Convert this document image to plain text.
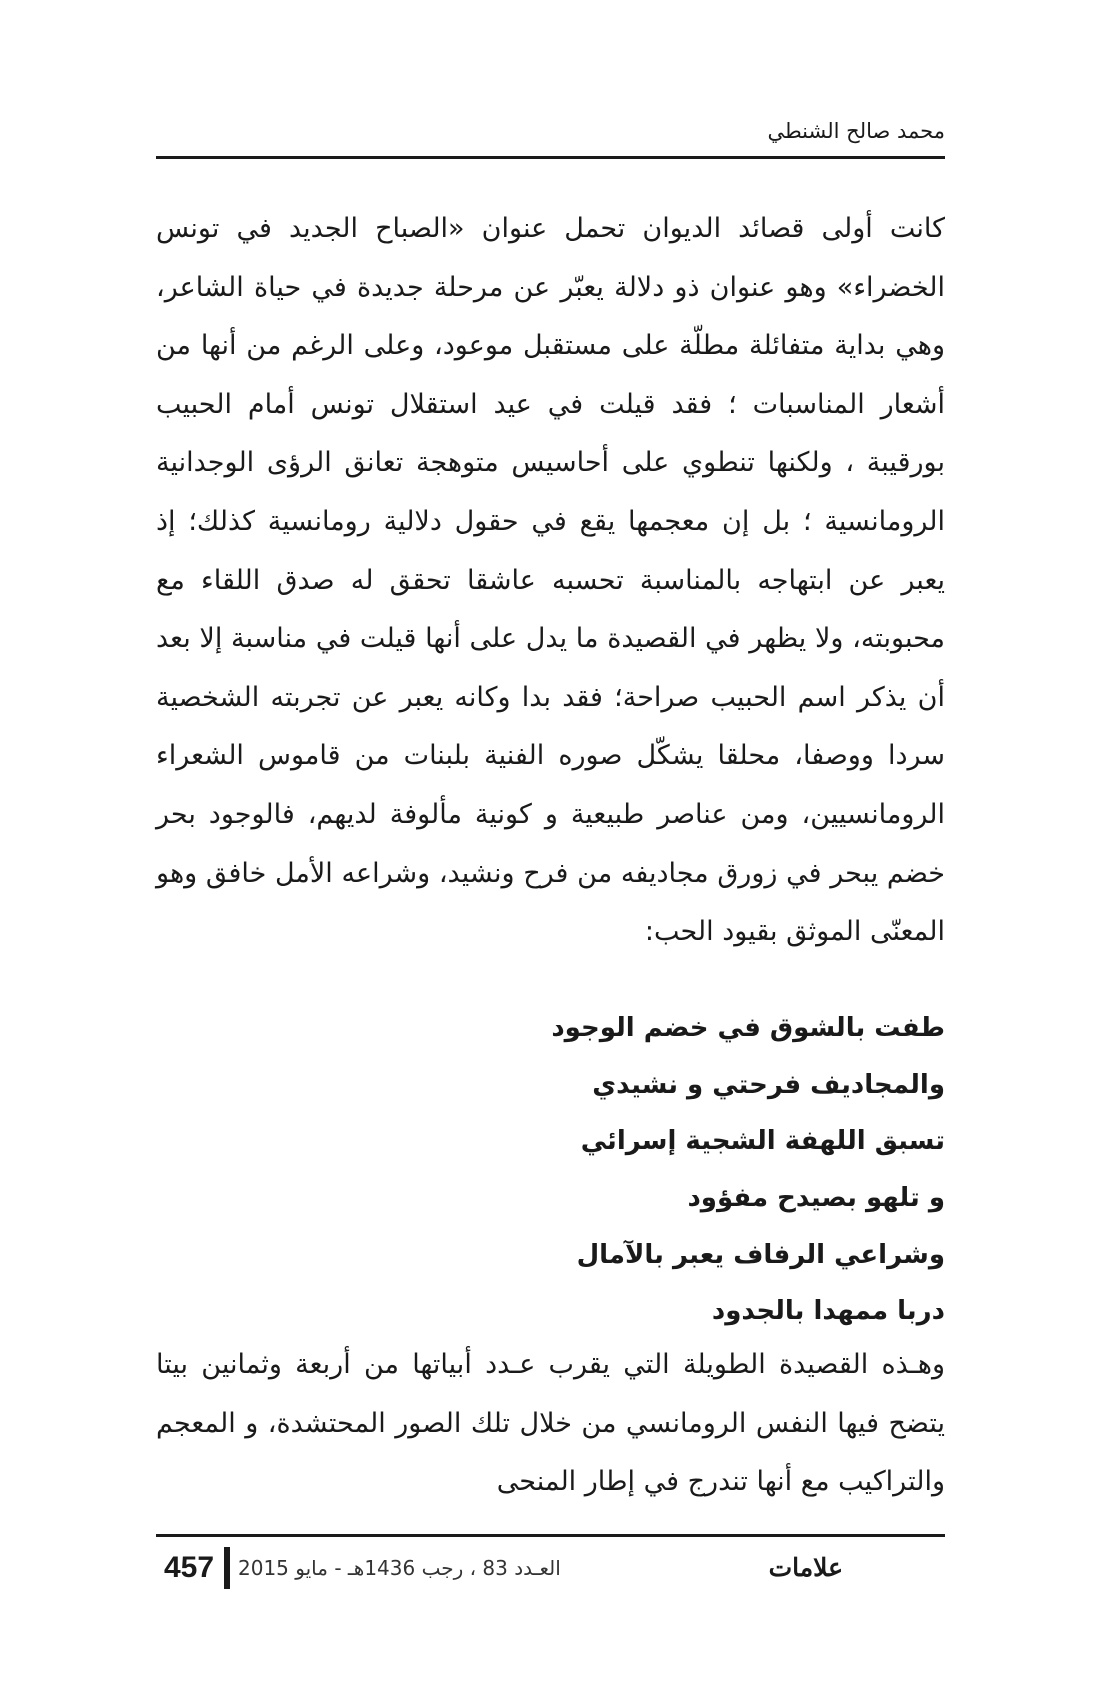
محمد صالح الشنطي

كانت أولى قصائد الديوان تحمل عنوان «الصباح الجديد في تونس الخضراء» وهو عنوان ذو دلالة يعبّر عن مرحلة جديدة في حياة الشاعر، وهي بداية متفائلة مطلّة على مستقبل موعود، وعلى الرغم من أنها من أشعار المناسبات ؛ فقد قيلت في عيد استقلال تونس أمام الحبيب بورقيبة ، ولكنها تنطوي على أحاسيس متوهجة تعانق الرؤى الوجدانية الرومانسية ؛ بل إن معجمها يقع في حقول دلالية رومانسية كذلك؛ إذ يعبر عن ابتهاجه بالمناسبة تحسبه عاشقا تحقق له صدق اللقاء مع محبوبته، ولا يظهر في القصيدة ما يدل على أنها قيلت في مناسبة إلا بعد أن يذكر اسم الحبيب صراحة؛ فقد بدا وكانه يعبر عن تجربته الشخصية سردا ووصفا، محلقا يشكّل صوره الفنية بلبنات من قاموس الشعراء الرومانسيين، ومن عناصر طبيعية و كونية مألوفة لديهم، فالوجود بحر خضم يبحر في زورق مجاديفه من فرح ونشيد، وشراعه الأمل خافق وهو المعنّى الموثق بقيود الحب:

طفت بالشوق في خضم الوجود
والمجاديف فرحتي و نشيدي
تسبق اللهفة الشجية إسرائي
و تلهو بصيدح مفؤود
وشراعي الرفاف يعبر بالآمال
دربا ممهدا بالجدود

وهـذه القصيدة الطويلة التي يقرب عـدد أبياتها من أربعة وثمانين بيتا يتضح فيها النفس الرومانسي من خلال تلك الصور المحتشدة، و المعجم والتراكيب مع أنها تندرج في إطار المنحى

457 العـدد 83 ، رجب 1436هـ - مايو 2015	علامات
